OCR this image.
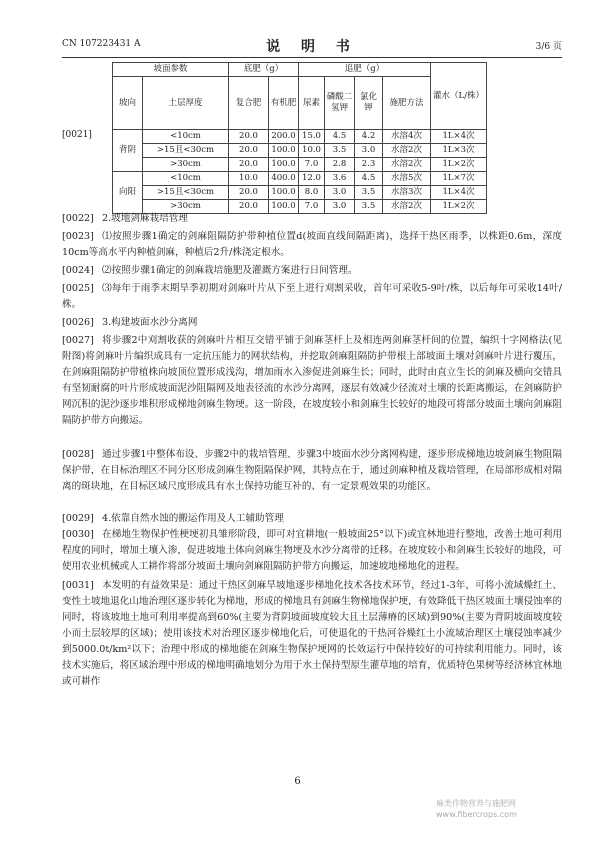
CN 107223431 A	说 明 书	3/6 页
[0021]
坡面参数		底肥（g）		追肥（g）				灌水（L/株）
坡向	土层厚度	复合肥	有机肥	尿素	磷酸二氢钾	氯化钾	施肥方法	
背阴	<10cm	20.0	200.0	15.0	4.5	4.2	水溶4次	1L×4次
	>15且<30cm	20.0	100.0	10.0	3.5	3.0	水溶2次	1L×3次
	>30cm	20.0	100.0	7.0	2.8	2.3	水溶2次	1L×2次
向阳	<10cm	10.0	400.0	12.0	3.6	4.5	水溶5次	1L×7次
	>15且<30cm	20.0	100.0	8.0	3.0	3.5	水溶3次	1L×4次
	>30cm	20.0	100.0	7.0	3.0	3.5	水溶2次	1L×2次
[0022] 2.坡地剑麻栽培管理
[0023] ⑴按照步骤1确定的剑麻阻隔防护带种植位置d(坡面直线间隔距离)，选择干热区雨季，以株距0.6m，深度10cm等高水平内种植剑麻，种植后2升/株浇定根水。
[0024] ⑵按照步骤1确定的剑麻栽培施肥及灌溉方案进行日间管理。
[0025] ⑶每年于雨季末期旱季初期对剑麻叶片从下至上进行刈割采收，首年可采收5-9叶/株，以后每年可采收14叶/株。
[0026] 3.构建坡面水沙分离网
[0027] 将步骤2中刈割收获的剑麻叶片相互交错平铺于剑麻茎杆上及相连两剑麻茎杆间的位置，编织十字网格法(见附图)将剑麻叶片编织成具有一定抗压能力的网状结构，并挖取剑麻阻隔防护带根上部坡面土壤对剑麻叶片进行覆压，在剑麻阻隔防护带植株向坡顶位置形成浅沟，增加雨水入渗促进剑麻生长；同时，此时由直立生长的剑麻及横向交错具有坚韧耐腐的叶片形成坡面泥沙阻隔网及地表径流的水沙分离网，逐层有效减少径流对土壤的长距离搬运，在剑麻防护网沉积的泥沙逐步堆积形成梯地剑麻生物埂。这一阶段，在坡度较小和剑麻生长较好的地段可将部分坡面土壤向剑麻阻隔防护带方向搬运。
[0028] 通过步骤1中整体布设、步骤2中的栽培管理、步骤3中坡面水沙分离网构建，逐步形成梯地边坡剑麻生物阻隔保护带，在目标治理区不同分区形成剑麻生物阻隔保护网，其特点在于，通过剑麻种植及栽培管理，在局部形成相对隔离的斑块地，在目标区域尺度形成具有水土保持功能互补的、有一定景观效果的功能区。
[0029] 4.依靠自然水蚀的搬运作用及人工辅助管理
[0030] 在梯地生物保护性梗埂初具雏形阶段，即可对宜耕地(一般坡面25°以下)或宜林地进行整地，改善土地可利用程度的同时，增加土壤入渗，促进坡地土体向剑麻生物埂及水沙分离带的迁移。在坡度较小和剑麻生长较好的地段，可使用农业机械或人工耕作将部分坡面土壤向剑麻阻隔防护带方向搬运，加速坡地梯地化的进程。
[0031] 本发明的有益效果是：通过干热区剑麻旱坡地逐步梯地化技术各技术环节，经过1-3年，可将小流域燥红土、变性土坡地退化山地治理区逐步转化为梯地，形成的梯地具有剑麻生物梯地保护埂，有效降低干热区坡面土壤侵蚀率的同时，将该坡地土地可利用率提高到60%(主要为背阴坡面坡度较大且土层薄瘠的区域)到90%(主要为背阴坡面坡度较小而土层较厚的区域)；使用该技术对治理区逐步梯地化后，可使退化的干热河谷燥红土小流域治理区土壤侵蚀率减少到5000.0t/km²以下；治理中形成的梯地能在剑麻生物保护埂网的长效运行中保持较好的可持续利用能力。同时，该技术实施后，将区域治理中形成的梯地明确地划分为用于水土保持型原生灌草地的培育，优质特色果树等经济林宜林地或可耕作
6
麻类作物营养与施肥网
www.fibercrops.com
